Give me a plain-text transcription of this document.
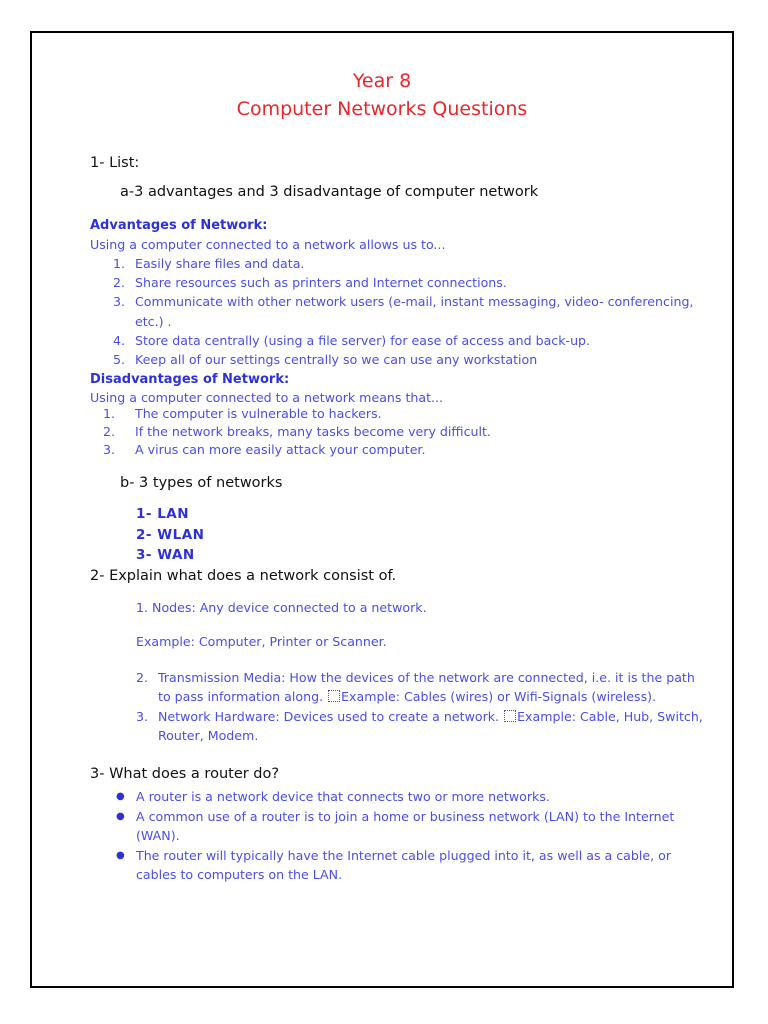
Year 8
Computer Networks Questions
1- List:
a-3 advantages and 3 disadvantage of computer network
Advantages of Network:
Using a computer connected to a network allows us to...
1. Easily share files and data.
2. Share resources such as printers and Internet connections.
3. Communicate with other network users (e-mail, instant messaging, video- conferencing,
etc.) .
4. Store data centrally (using a file server) for ease of access and back-up.
5. Keep all of our settings centrally so we can use any workstation
Disadvantages of Network:
Using a computer connected to a network means that...
1. The computer is vulnerable to hackers.
2. If the network breaks, many tasks become very difficult.
3. A virus can more easily attack your computer.
b- 3 types of networks
1- LAN
2- WLAN
3- WAN
2- Explain what does a network consist of.
1. Nodes: Any device connected to a network.
Example: Computer, Printer or Scanner.
2. Transmission Media: How the devices of the network are connected, i.e. it is the path
to pass information along. Example: Cables (wires) or Wifi-Signals (wireless).
3. Network Hardware: Devices used to create a network. Example: Cable, Hub, Switch,
Router, Modem.
3- What does a router do?
● A router is a network device that connects two or more networks.
● A common use of a router is to join a home or business network (LAN) to the Internet
(WAN).
● The router will typically have the Internet cable plugged into it, as well as a cable, or
cables to computers on the LAN.
